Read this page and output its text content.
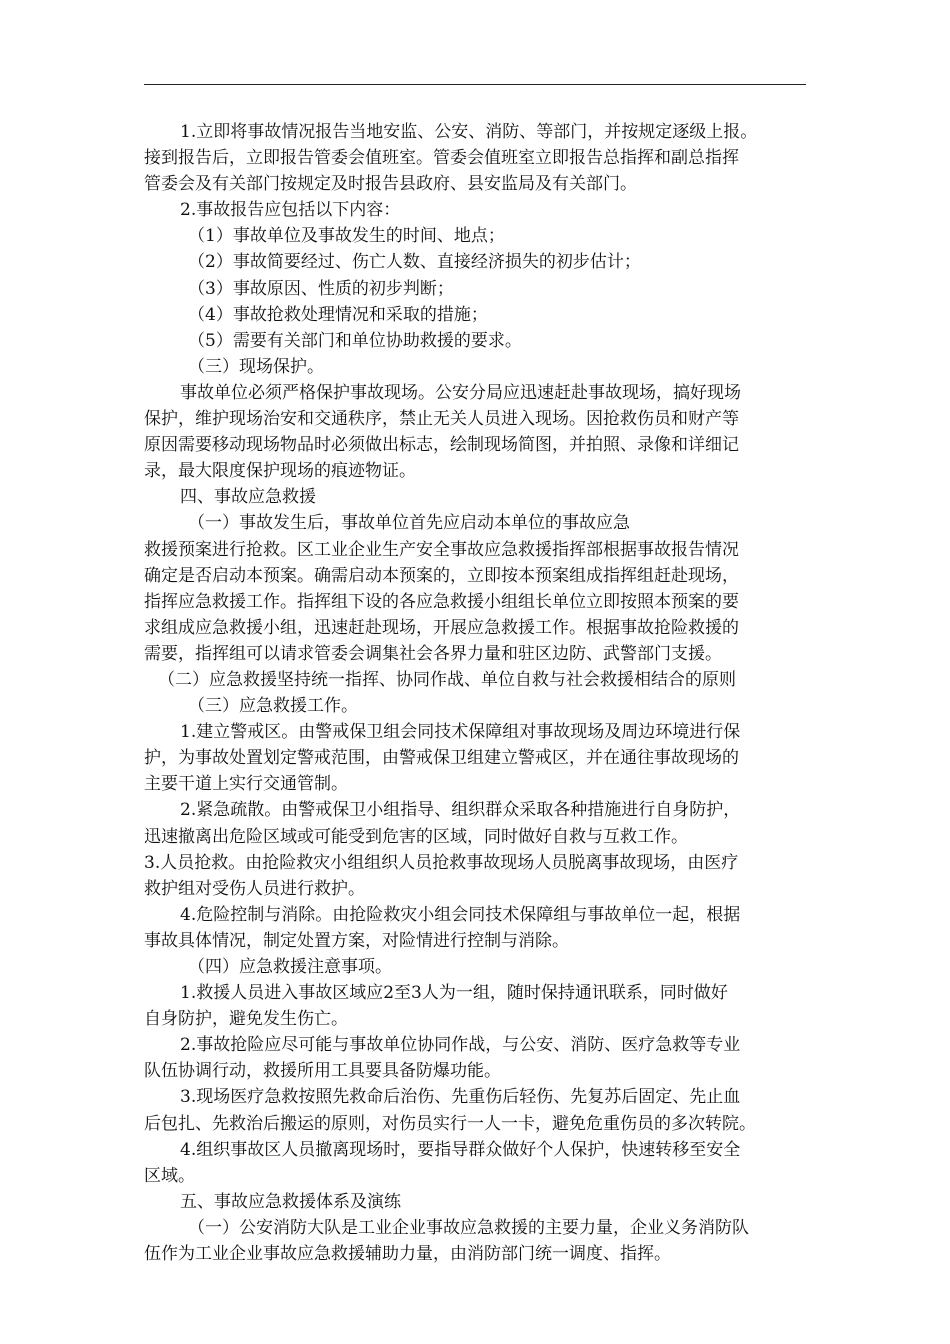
1.立即将事故情况报告当地安监、公安、消防、等部门，并按规定逐级上报。
接到报告后，立即报告管委会值班室。管委会值班室立即报告总指挥和副总指挥
管委会及有关部门按规定及时报告县政府、县安监局及有关部门。
2.事故报告应包括以下内容：
（1）事故单位及事故发生的时间、地点；
（2）事故简要经过、伤亡人数、直接经济损失的初步估计；
（3）事故原因、性质的初步判断；
（4）事故抢救处理情况和采取的措施；
（5）需要有关部门和单位协助救援的要求。
（三）现场保护。
事故单位必须严格保护事故现场。公安分局应迅速赶赴事故现场，搞好现场
保护，维护现场治安和交通秩序，禁止无关人员进入现场。因抢救伤员和财产等
原因需要移动现场物品时必须做出标志，绘制现场简图，并拍照、录像和详细记
录，最大限度保护现场的痕迹物证。
四、事故应急救援
（一）事故发生后，事故单位首先应启动本单位的事故应急
救援预案进行抢救。区工业企业生产安全事故应急救援指挥部根据事故报告情况
确定是否启动本预案。确需启动本预案的，立即按本预案组成指挥组赶赴现场，
指挥应急救援工作。指挥组下设的各应急救援小组组长单位立即按照本预案的要
求组成应急救援小组，迅速赶赴现场，开展应急救援工作。根据事故抢险救援的
需要，指挥组可以请求管委会调集社会各界力量和驻区边防、武警部门支援。
（二）应急救援坚持统一指挥、协同作战、单位自救与社会救援相结合的原则
（三）应急救援工作。
1.建立警戒区。由警戒保卫组会同技术保障组对事故现场及周边环境进行保
护，为事故处置划定警戒范围，由警戒保卫组建立警戒区，并在通往事故现场的
主要干道上实行交通管制。
2.紧急疏散。由警戒保卫小组指导、组织群众采取各种措施进行自身防护，
迅速撤离出危险区域或可能受到危害的区域，同时做好自救与互救工作。
3.人员抢救。由抢险救灾小组组织人员抢救事故现场人员脱离事故现场，由医疗
救护组对受伤人员进行救护。
4.危险控制与消除。由抢险救灾小组会同技术保障组与事故单位一起，根据
事故具体情况，制定处置方案，对险情进行控制与消除。
（四）应急救援注意事项。
1.救援人员进入事故区域应2至3人为一组，随时保持通讯联系，同时做好
自身防护，避免发生伤亡。
2.事故抢险应尽可能与事故单位协同作战，与公安、消防、医疗急救等专业
队伍协调行动，救援所用工具要具备防爆功能。
3.现场医疗急救按照先救命后治伤、先重伤后轻伤、先复苏后固定、先止血
后包扎、先救治后搬运的原则，对伤员实行一人一卡，避免危重伤员的多次转院。
4.组织事故区人员撤离现场时，要指导群众做好个人保护，快速转移至安全
区域。
五、事故应急救援体系及演练
（一）公安消防大队是工业企业事故应急救援的主要力量，企业义务消防队
伍作为工业企业事故应急救援辅助力量，由消防部门统一调度、指挥。
